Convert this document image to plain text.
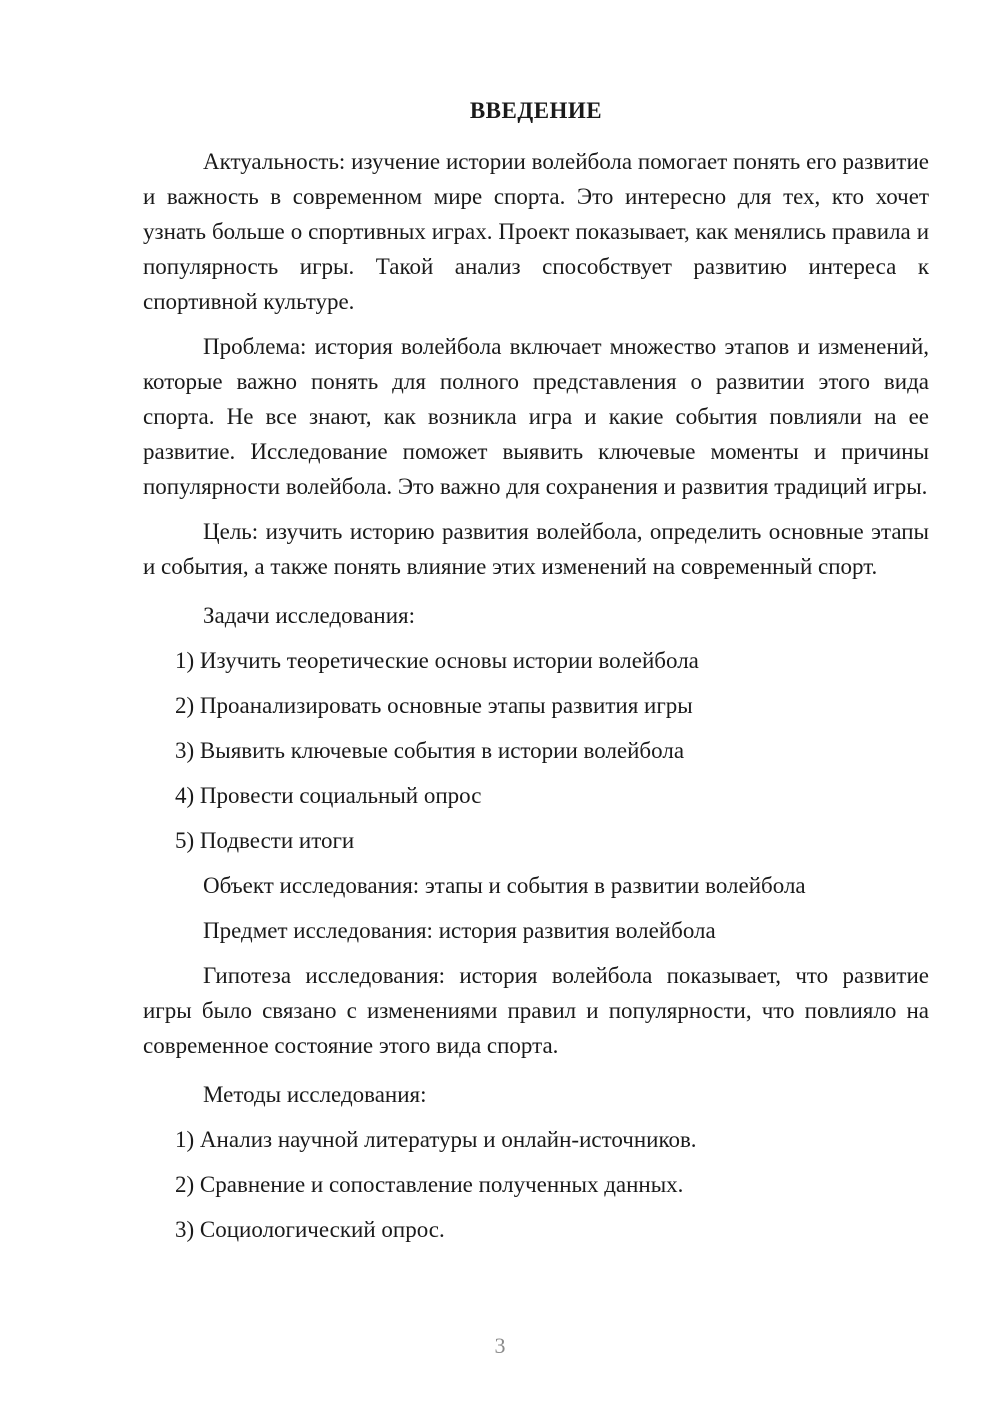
ВВЕДЕНИЕ

Актуальность: изучение истории волейбола помогает понять его развитие и важность в современном мире спорта. Это интересно для тех, кто хочет узнать больше о спортивных играх. Проект показывает, как менялись правила и популярность игры. Такой анализ способствует развитию интереса к спортивной культуре.

Проблема: история волейбола включает множество этапов и изменений, которые важно понять для полного представления о развитии этого вида спорта. Не все знают, как возникла игра и какие события повлияли на ее развитие. Исследование поможет выявить ключевые моменты и причины популярности волейбола. Это важно для сохранения и развития традиций игры.

Цель: изучить историю развития волейбола, определить основные этапы и события, а также понять влияние этих изменений на современный спорт.

Задачи исследования:

1) Изучить теоретические основы истории волейбола

2) Проанализировать основные этапы развития игры

3) Выявить ключевые события в истории волейбола

4) Провести социальный опрос

5) Подвести итоги

Объект исследования: этапы и события в развитии волейбола

Предмет исследования: история развития волейбола

Гипотеза исследования: история волейбола показывает, что развитие игры было связано с изменениями правил и популярности, что повлияло на современное состояние этого вида спорта.

Методы исследования:

1) Анализ научной литературы и онлайн-источников.

2) Сравнение и сопоставление полученных данных.

3) Социологический опрос.

3
